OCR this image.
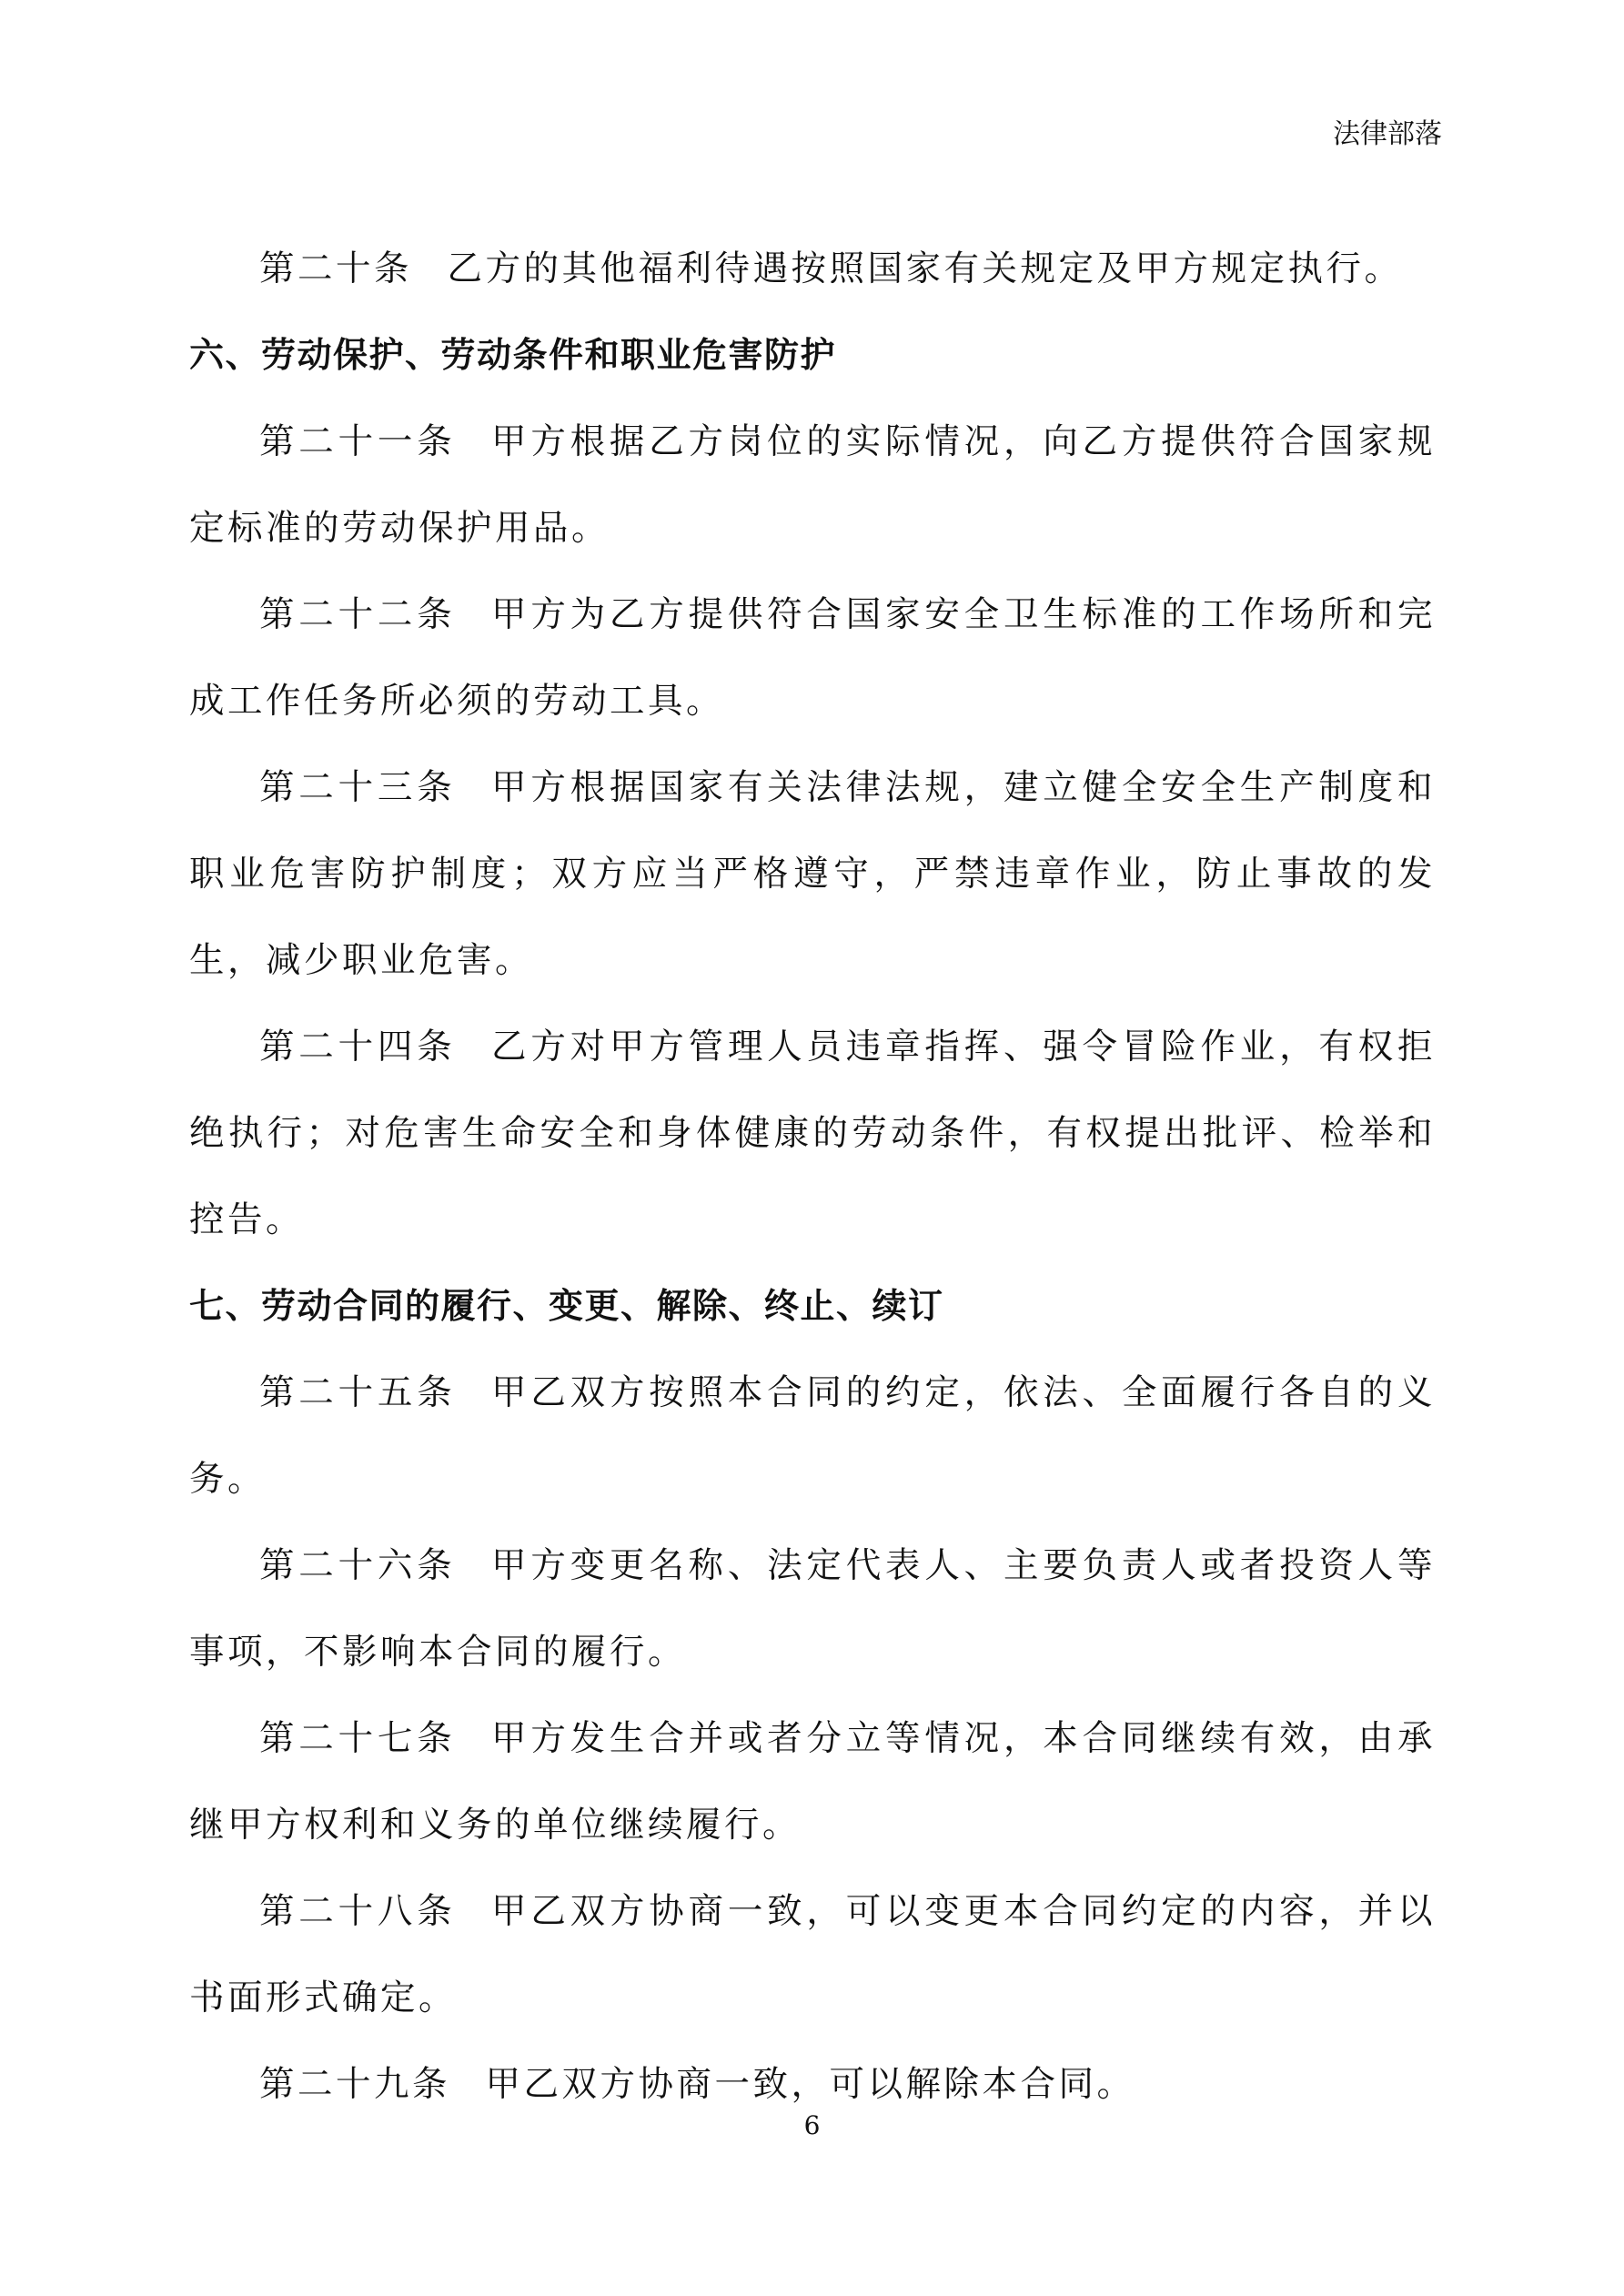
法律部落

第二十条 乙方的其他福利待遇按照国家有关规定及甲方规定执行。

六、劳动保护、劳动条件和职业危害防护

第二十一条 甲方根据乙方岗位的实际情况，向乙方提供符合国家规定标准的劳动保护用品。

第二十二条 甲方为乙方提供符合国家安全卫生标准的工作场所和完成工作任务所必须的劳动工具。

第二十三条 甲方根据国家有关法律法规，建立健全安全生产制度和职业危害防护制度；双方应当严格遵守，严禁违章作业，防止事故的发生，减少职业危害。

第二十四条 乙方对甲方管理人员违章指挥、强令冒险作业，有权拒绝执行；对危害生命安全和身体健康的劳动条件，有权提出批评、检举和控告。

七、劳动合同的履行、变更、解除、终止、续订

第二十五条 甲乙双方按照本合同的约定，依法、全面履行各自的义务。

第二十六条 甲方变更名称、法定代表人、主要负责人或者投资人等事项，不影响本合同的履行。

第二十七条 甲方发生合并或者分立等情况，本合同继续有效，由承继甲方权利和义务的单位继续履行。

第二十八条 甲乙双方协商一致，可以变更本合同约定的内容，并以书面形式确定。

第二十九条 甲乙双方协商一致，可以解除本合同。

6
